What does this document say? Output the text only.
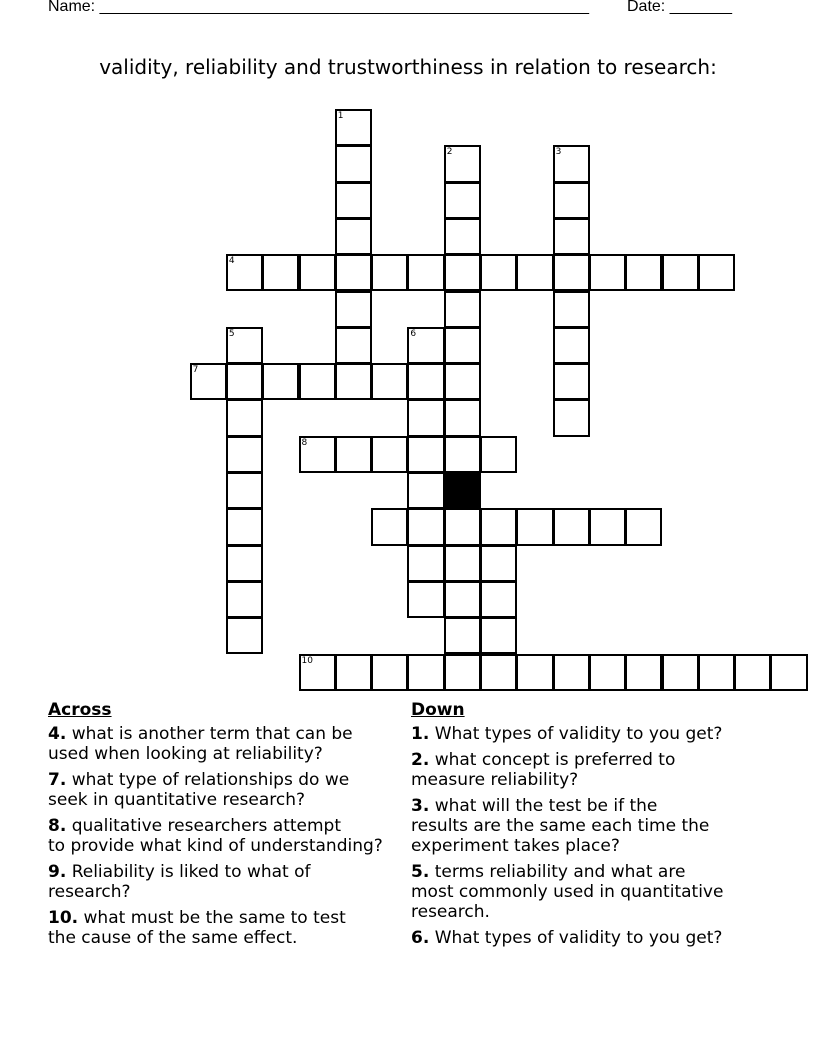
Name: _______________________________________________________ Date: _______
validity, reliability and trustworthiness in relation to research:
1
2	3
4
5
7
6
8
10
Across
4. what is another term that can be
used when looking at reliability?
7. what type of relationships do we
seek in quantitative research?
8. qualitative researchers attempt
to provide what kind of understanding?
9. Reliability is liked to what of
research?
10. what must be the same to test
the cause of the same effect.
Down
1. What types of validity to you get?
2. what concept is preferred to
measure reliability?
3. what will the test be if the
results are the same each time the
experiment takes place?
5. terms reliability and what are
most commonly used in quantitative
research.
6. What types of validity to you get?
